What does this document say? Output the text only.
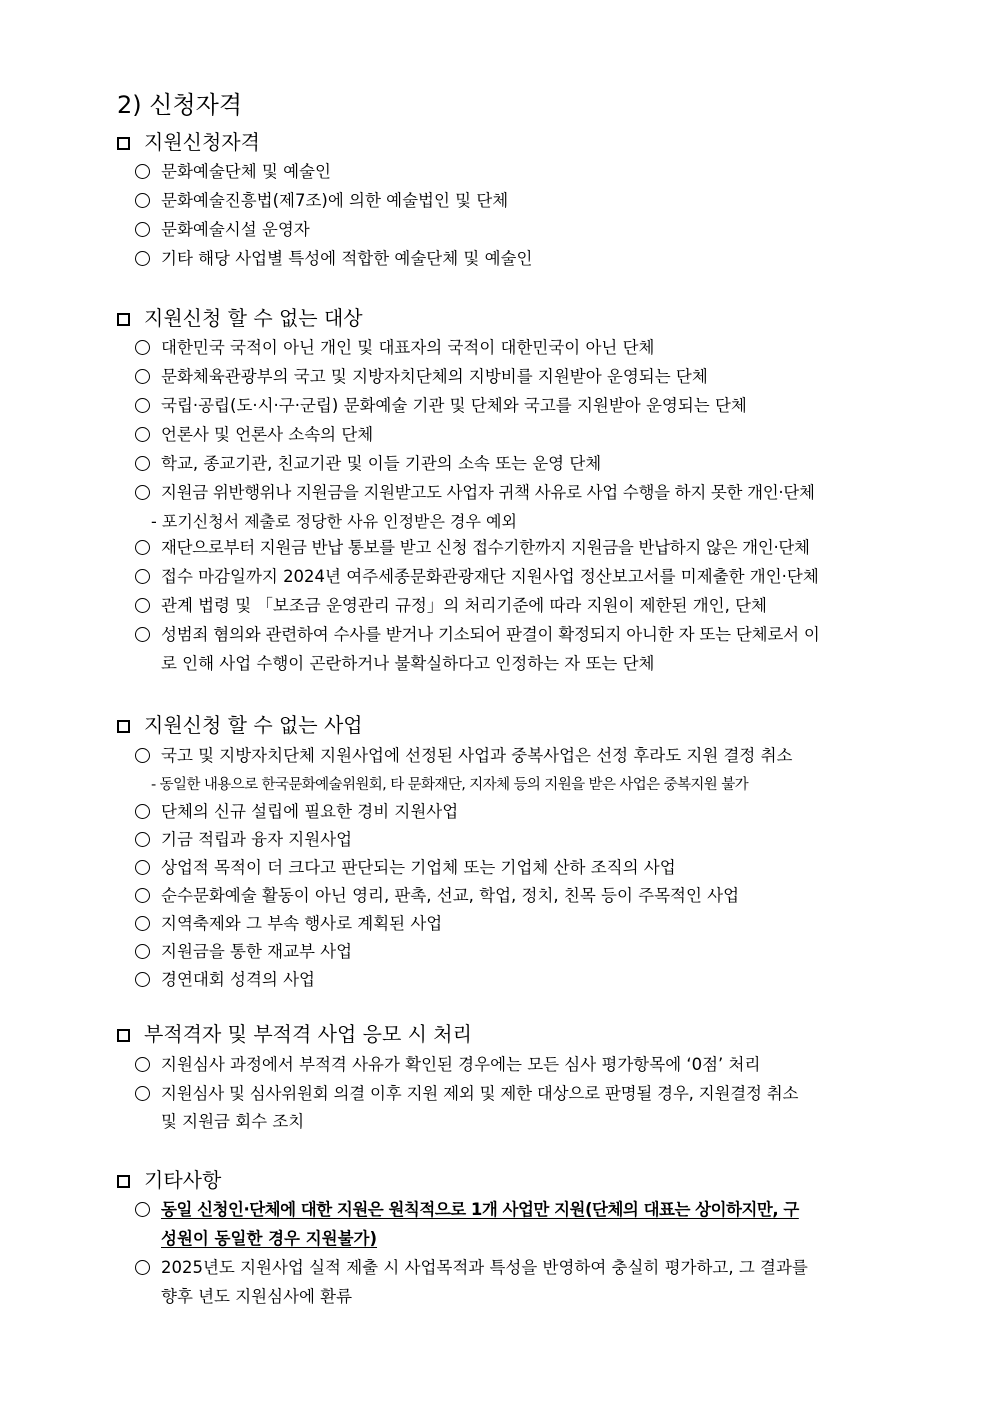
2) 신청자격
지원신청자격
문화예술단체 및 예술인
문화예술진흥법(제7조)에 의한 예술법인 및 단체
문화예술시설 운영자
기타 해당 사업별 특성에 적합한 예술단체 및 예술인
지원신청 할 수 없는 대상
대한민국 국적이 아닌 개인 및 대표자의 국적이 대한민국이 아닌 단체
문화체육관광부의 국고 및 지방자치단체의 지방비를 지원받아 운영되는 단체
국립·공립(도·시·구·군립) 문화예술 기관 및 단체와 국고를 지원받아 운영되는 단체
언론사 및 언론사 소속의 단체
학교, 종교기관, 친교기관 및 이들 기관의 소속 또는 운영 단체
지원금 위반행위나 지원금을 지원받고도 사업자 귀책 사유로 사업 수행을 하지 못한 개인·단체
- 포기신청서 제출로 정당한 사유 인정받은 경우 예외
재단으로부터 지원금 반납 통보를 받고 신청 접수기한까지 지원금을 반납하지 않은 개인·단체
접수 마감일까지 2024년 여주세종문화관광재단 지원사업 정산보고서를 미제출한 개인·단체
관계 법령 및 「보조금 운영관리 규정」의 처리기준에 따라 지원이 제한된 개인, 단체
성범죄 혐의와 관련하여 수사를 받거나 기소되어 판결이 확정되지 아니한 자 또는 단체로서 이
로 인해 사업 수행이 곤란하거나 불확실하다고 인정하는 자 또는 단체
지원신청 할 수 없는 사업
국고 및 지방자치단체 지원사업에 선정된 사업과 중복사업은 선정 후라도 지원 결정 취소
- 동일한 내용으로 한국문화예술위원회, 타 문화재단, 지자체 등의 지원을 받은 사업은 중복지원 불가
단체의 신규 설립에 필요한 경비 지원사업
기금 적립과 융자 지원사업
상업적 목적이 더 크다고 판단되는 기업체 또는 기업체 산하 조직의 사업
순수문화예술 활동이 아닌 영리, 판촉, 선교, 학업, 정치, 친목 등이 주목적인 사업
지역축제와 그 부속 행사로 계획된 사업
지원금을 통한 재교부 사업
경연대회 성격의 사업
부적격자 및 부적격 사업 응모 시 처리
지원심사 과정에서 부적격 사유가 확인된 경우에는 모든 심사 평가항목에 ‘0점’ 처리
지원심사 및 심사위원회 의결 이후 지원 제외 및 제한 대상으로 판명될 경우, 지원결정 취소
및 지원금 회수 조치
기타사항
동일 신청인·단체에 대한 지원은 원칙적으로 1개 사업만 지원(단체의 대표는 상이하지만, 구
성원이 동일한 경우 지원불가)
2025년도 지원사업 실적 제출 시 사업목적과 특성을 반영하여 충실히 평가하고, 그 결과를
향후 년도 지원심사에 환류
